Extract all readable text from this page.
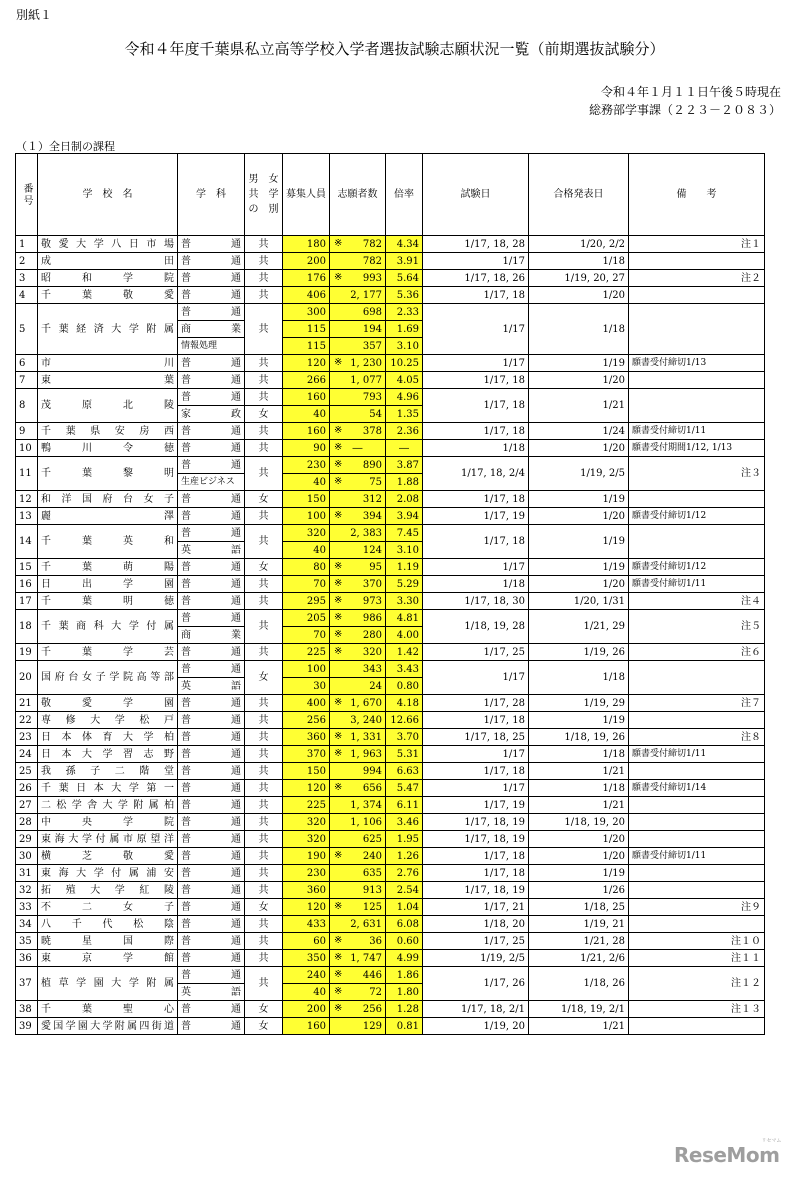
別紙１
令和４年度千葉県私立高等学校入学者選抜試験志願状況一覧（前期選抜試験分）
令和４年１月１１日午後５時現在
総務部学事課（２２３－２０８３）
（１）全日制の課程
番号	学　校　名	学　科	男　女
共　学
の　別	募集人員	志願者数	倍率	試験日	合格発表日	備　　考
1	敬愛大学八日市場	普通	共	180	※ 782	4.34	1/17, 18, 28	1/20, 2/2	注１
2	成田	普通	共	200	782	3.91	1/17	1/18	
3	昭和学院	普通	共	176	※ 993	5.64	1/17, 18, 26	1/19, 20, 27	注２
4	千葉敬愛	普通	共	406	2, 177	5.36	1/17, 18	1/20	
5	千葉経済大学附属	普通	共	300	698	2.33	1/17	1/18	
		商業		115	194	1.69			
		情報処理		115	357	3.10			
6	市川	普通	共	120	※ 1, 230	10.25	1/17	1/19	願書受付締切1/13
7	東葉	普通	共	266	1, 077	4.05	1/17, 18	1/20	
8	茂原北陵	普通	共	160	793	4.96	1/17, 18	1/21	
		家政	女	40	54	1.35			
9	千葉県安房西	普通	共	160	※ 378	2.36	1/17, 18	1/24	願書受付締切1/11
10	鴨川令徳	普通	共	90	※ ―	―	1/18	1/20	願書受付期間1/12, 1/13
11	千葉黎明	普通	共	230	※ 890	3.87	1/17, 18, 2/4	1/19, 2/5	注３
		生産ビジネス		40	※ 75	1.88			
12	和洋国府台女子	普通	女	150	312	2.08	1/17, 18	1/19	
13	麗澤	普通	共	100	※ 394	3.94	1/17, 19	1/20	願書受付締切1/12
14	千葉英和	普通	共	320	2, 383	7.45	1/17, 18	1/19	
		英語		40	124	3.10			
15	千葉萌陽	普通	女	80	※ 95	1.19	1/17	1/19	願書受付締切1/12
16	日出学園	普通	共	70	※ 370	5.29	1/18	1/20	願書受付締切1/11
17	千葉明徳	普通	共	295	※ 973	3.30	1/17, 18, 30	1/20, 1/31	注４
18	千葉商科大学付属	普通	共	205	※ 986	4.81	1/18, 19, 28	1/21, 29	注５
		商業		70	※ 280	4.00			
19	千葉学芸	普通	共	225	※ 320	1.42	1/17, 25	1/19, 26	注６
20	国府台女子学院高等部	普通	女	100	343	3.43	1/17	1/18	
		英語		30	24	0.80			
21	敬愛学園	普通	共	400	※ 1, 670	4.18	1/17, 28	1/19, 29	注７
22	専修大学松戸	普通	共	256	3, 240	12.66	1/17, 18	1/19	
23	日本体育大学柏	普通	共	360	※ 1, 331	3.70	1/17, 18, 25	1/18, 19, 26	注８
24	日本大学習志野	普通	共	370	※ 1, 963	5.31	1/17	1/18	願書受付締切1/11
25	我孫子二階堂	普通	共	150	994	6.63	1/17, 18	1/21	
26	千葉日本大学第一	普通	共	120	※ 656	5.47	1/17	1/18	願書受付締切1/14
27	二松学舎大学附属柏	普通	共	225	1, 374	6.11	1/17, 19	1/21	
28	中央学院	普通	共	320	1, 106	3.46	1/17, 18, 19	1/18, 19, 20	
29	東海大学付属市原望洋	普通	共	320	625	1.95	1/17, 18, 19	1/20	
30	横芝敬愛	普通	共	190	※ 240	1.26	1/17, 18	1/20	願書受付締切1/11
31	東海大学付属浦安	普通	共	230	635	2.76	1/17, 18	1/19	
32	拓殖大学紅陵	普通	共	360	913	2.54	1/17, 18, 19	1/26	
33	不二女子	普通	女	120	※ 125	1.04	1/17, 21	1/18, 25	注９
34	八千代松陰	普通	共	433	2, 631	6.08	1/18, 20	1/19, 21	
35	暁星国際	普通	共	60	※ 36	0.60	1/17, 25	1/21, 28	注１０
36	東京学館	普通	共	350	※ 1, 747	4.99	1/19, 2/5	1/21, 2/6	注１１
37	植草学園大学附属	普通	共	240	※ 446	1.86	1/17, 26	1/18, 26	注１２
		英語		40	※ 72	1.80			
38	千葉聖心	普通	女	200	※ 256	1.28	1/17, 18, 2/1	1/18, 19, 2/1	注１３
39	愛国学園大学附属四街道	普通	女	160	129	0.81	1/19, 20	1/21	
ReseMom
リセマム
